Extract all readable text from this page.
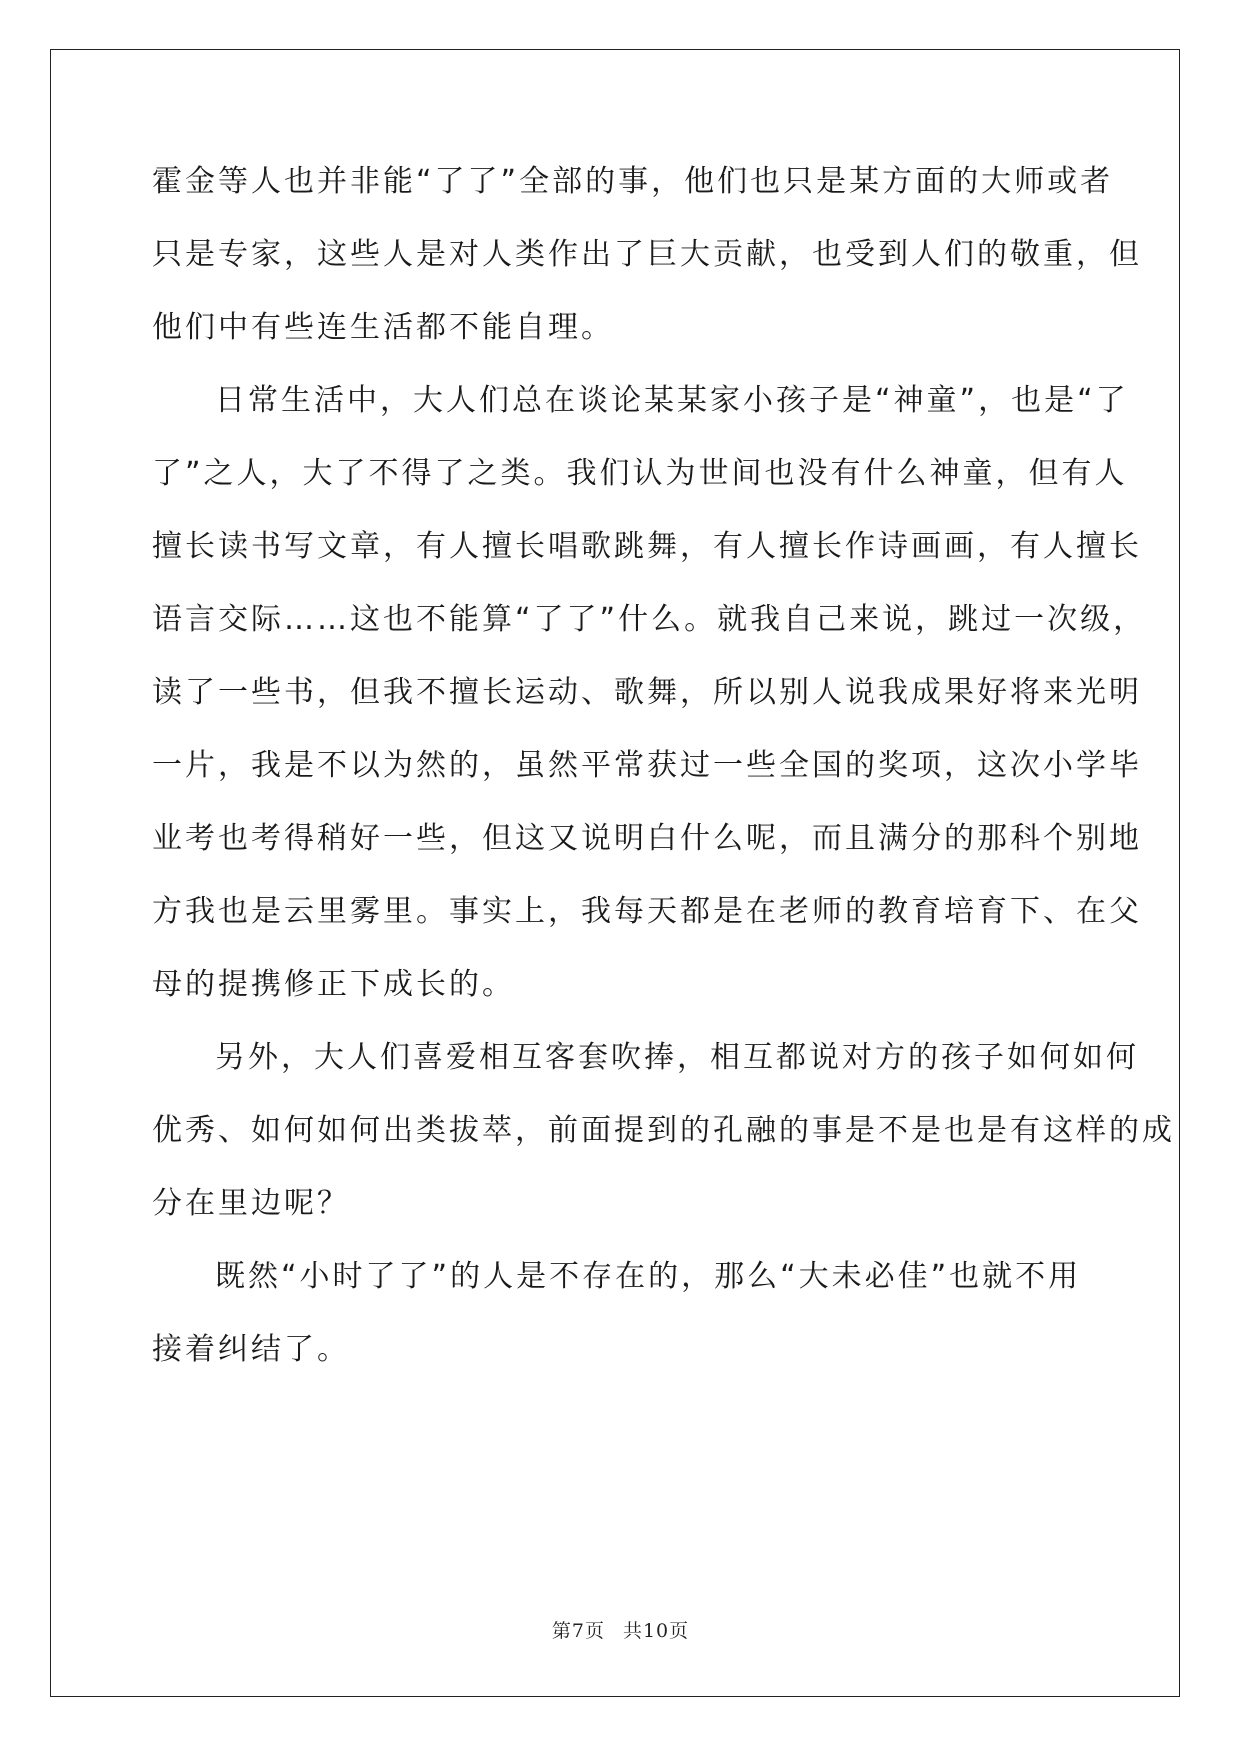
霍金等人也并非能“了了”全部的事，他们也只是某方面的大师或者
只是专家，这些人是对人类作出了巨大贡献，也受到人们的敬重，但
他们中有些连生活都不能自理。
日常生活中，大人们总在谈论某某家小孩子是“神童”，也是“了
了”之人，大了不得了之类。我们认为世间也没有什么神童，但有人
擅长读书写文章，有人擅长唱歌跳舞，有人擅长作诗画画，有人擅长
语言交际……这也不能算“了了”什么。就我自己来说，跳过一次级，
读了一些书，但我不擅长运动、歌舞，所以别人说我成果好将来光明
一片，我是不以为然的，虽然平常获过一些全国的奖项，这次小学毕
业考也考得稍好一些，但这又说明白什么呢，而且满分的那科个别地
方我也是云里雾里。事实上，我每天都是在老师的教育培育下、在父
母的提携修正下成长的。
另外，大人们喜爱相互客套吹捧，相互都说对方的孩子如何如何
优秀、如何如何出类拔萃，前面提到的孔融的事是不是也是有这样的成
分在里边呢？
既然“小时了了”的人是不存在的，那么“大未必佳”也就不用
接着纠结了。
第7页 共10页
